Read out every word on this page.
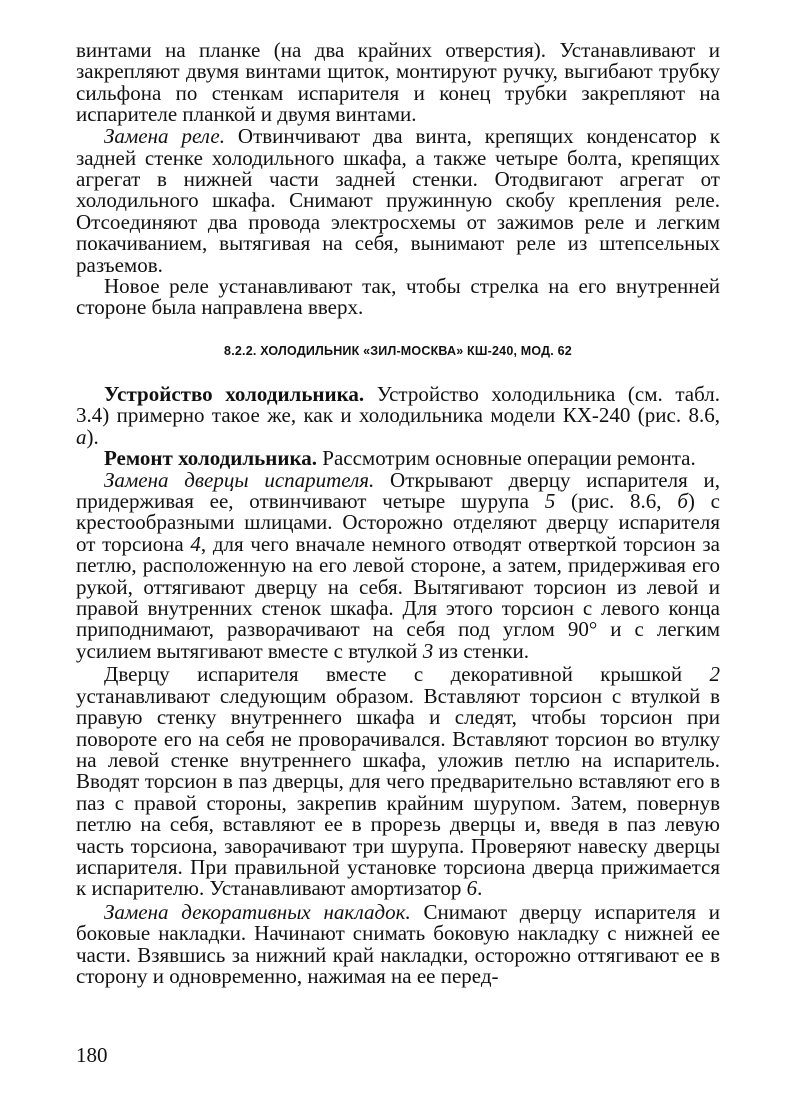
винтами на планке (на два крайних отверстия). Устанавливают и закрепляют двумя винтами щиток, монтируют ручку, выгибают трубку сильфона по стенкам испарителя и конец трубки закрепляют на испарителе планкой и двумя винтами.

Замена реле. Отвинчивают два винта, крепящих конденсатор к задней стенке холодильного шкафа, а также четыре болта, крепящих агрегат в нижней части задней стенки. Отодвигают агрегат от холодильного шкафа. Снимают пружинную скобу крепления реле. Отсоединяют два провода электросхемы от зажимов реле и легким покачиванием, вытягивая на себя, вынимают реле из штепсельных разъемов.

Новое реле устанавливают так, чтобы стрелка на его внутренней стороне была направлена вверх.

8.2.2. ХОЛОДИЛЬНИК «ЗИЛ-МОСКВА» КШ-240, МОД. 62

Устройство холодильника. Устройство холодильника (см. табл. 3.4) примерно такое же, как и холодильника модели КХ-240 (рис. 8.6, а).

Ремонт холодильника. Рассмотрим основные операции ремонта.

Замена дверцы испарителя. Открывают дверцу испарителя и, придерживая ее, отвинчивают четыре шурупа 5 (рис. 8.6, б) с крестообразными шлицами. Осторожно отделяют дверцу испарителя от торсиона 4, для чего вначале немного отводят отверткой торсион за петлю, расположенную на его левой стороне, а затем, придерживая его рукой, оттягивают дверцу на себя. Вытягивают торсион из левой и правой внутренних стенок шкафа. Для этого торсион с левого конца приподнимают, разворачивают на себя под углом 90° и с легким усилием вытягивают вместе с втулкой 3 из стенки.

Дверцу испарителя вместе с декоративной крышкой 2 устанавливают следующим образом. Вставляют торсион с втулкой в правую стенку внутреннего шкафа и следят, чтобы торсион при повороте его на себя не проворачивался. Вставляют торсион во втулку на левой стенке внутреннего шкафа, уложив петлю на испаритель. Вводят торсион в паз дверцы, для чего предварительно вставляют его в паз с правой стороны, закрепив крайним шурупом. Затем, повернув петлю на себя, вставляют ее в прорезь дверцы и, введя в паз левую часть торсиона, заворачивают три шурупа. Проверяют навеску дверцы испарителя. При правильной установке торсиона дверца прижимается к испарителю. Устанавливают амортизатор 6.

Замена декоративных накладок. Снимают дверцу испарителя и боковые накладки. Начинают снимать боковую накладку с нижней ее части. Взявшись за нижний край накладки, осторожно оттягивают ее в сторону и одновременно, нажимая на ее перед-

180
